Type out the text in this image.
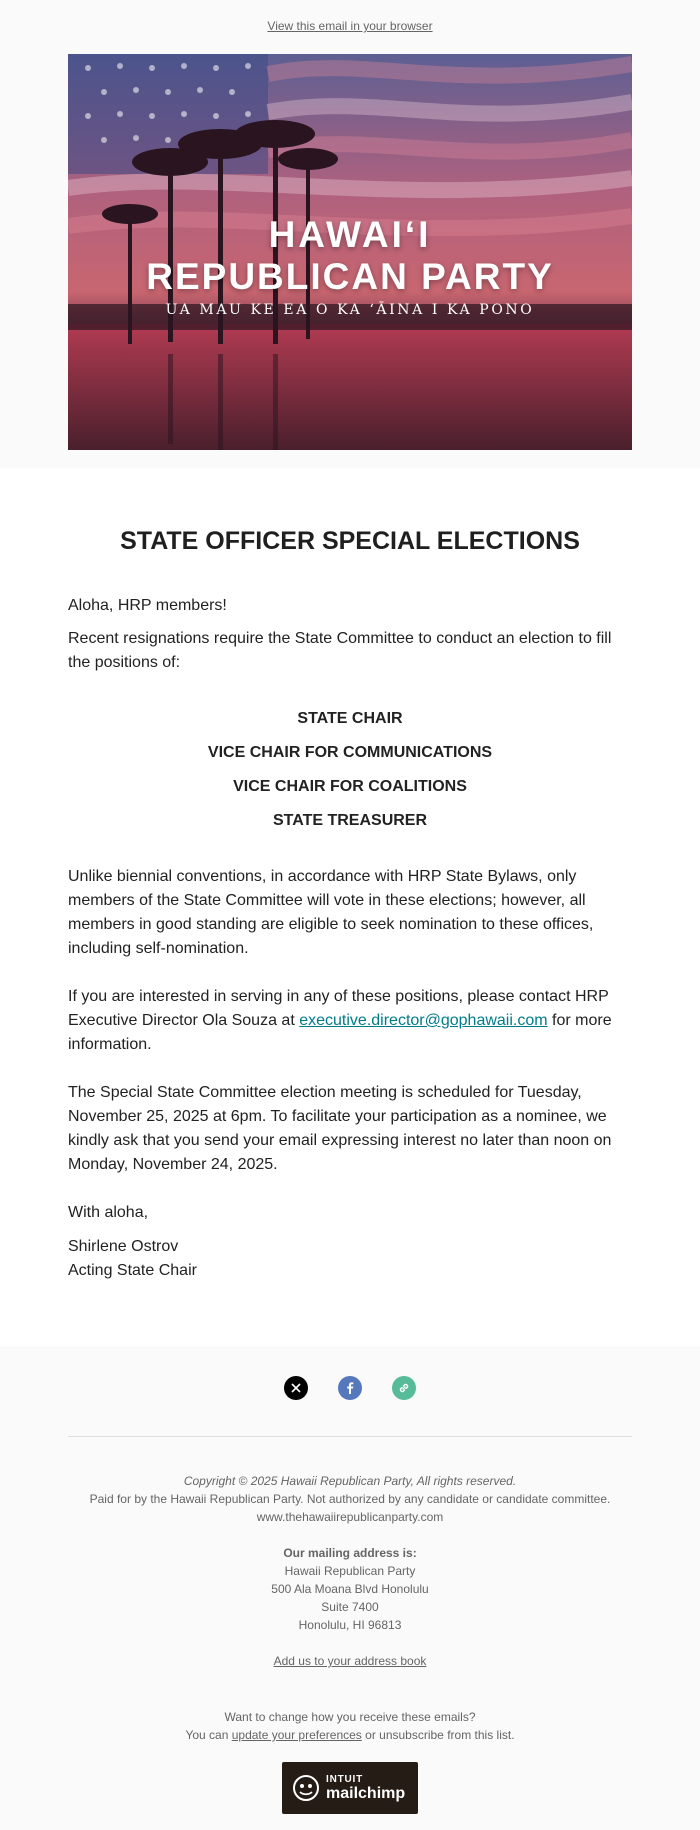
View this email in your browser
HAWAIʻI
REPUBLICAN PARTY
UA MAU KE EA O KA ʻĀINA I KA PONO
STATE OFFICER SPECIAL ELECTIONS

Aloha, HRP members!

Recent resignations require the State Committee to conduct an election to fill the positions of:

STATE CHAIR
VICE CHAIR FOR COMMUNICATIONS
VICE CHAIR FOR COALITIONS
STATE TREASURER

Unlike biennial conventions, in accordance with HRP State Bylaws, only members of the State Committee will vote in these elections; however, all members in good standing are eligible to seek nomination to these offices, including self-nomination.

If you are interested in serving in any of these positions, please contact HRP Executive Director Ola Souza at executive.director@gophawaii.com for more information.

The Special State Committee election meeting is scheduled for Tuesday, November 25, 2025 at 6pm. To facilitate your participation as a nominee, we kindly ask that you send your email expressing interest no later than noon on Monday, November 24, 2025.

With aloha,

Shirlene Ostrov

Acting State Chair

Copyright © 2025 Hawaii Republican Party, All rights reserved.
Paid for by the Hawaii Republican Party. Not authorized by any candidate or candidate committee.
www.thehawaiirepublicanparty.com
Our mailing address is:
Hawaii Republican Party
500 Ala Moana Blvd Honolulu
Suite 7400
Honolulu, HI 96813
Add us to your address book
Want to change how you receive these emails?
You can update your preferences or unsubscribe from this list.
INTUIT
mailchimp
